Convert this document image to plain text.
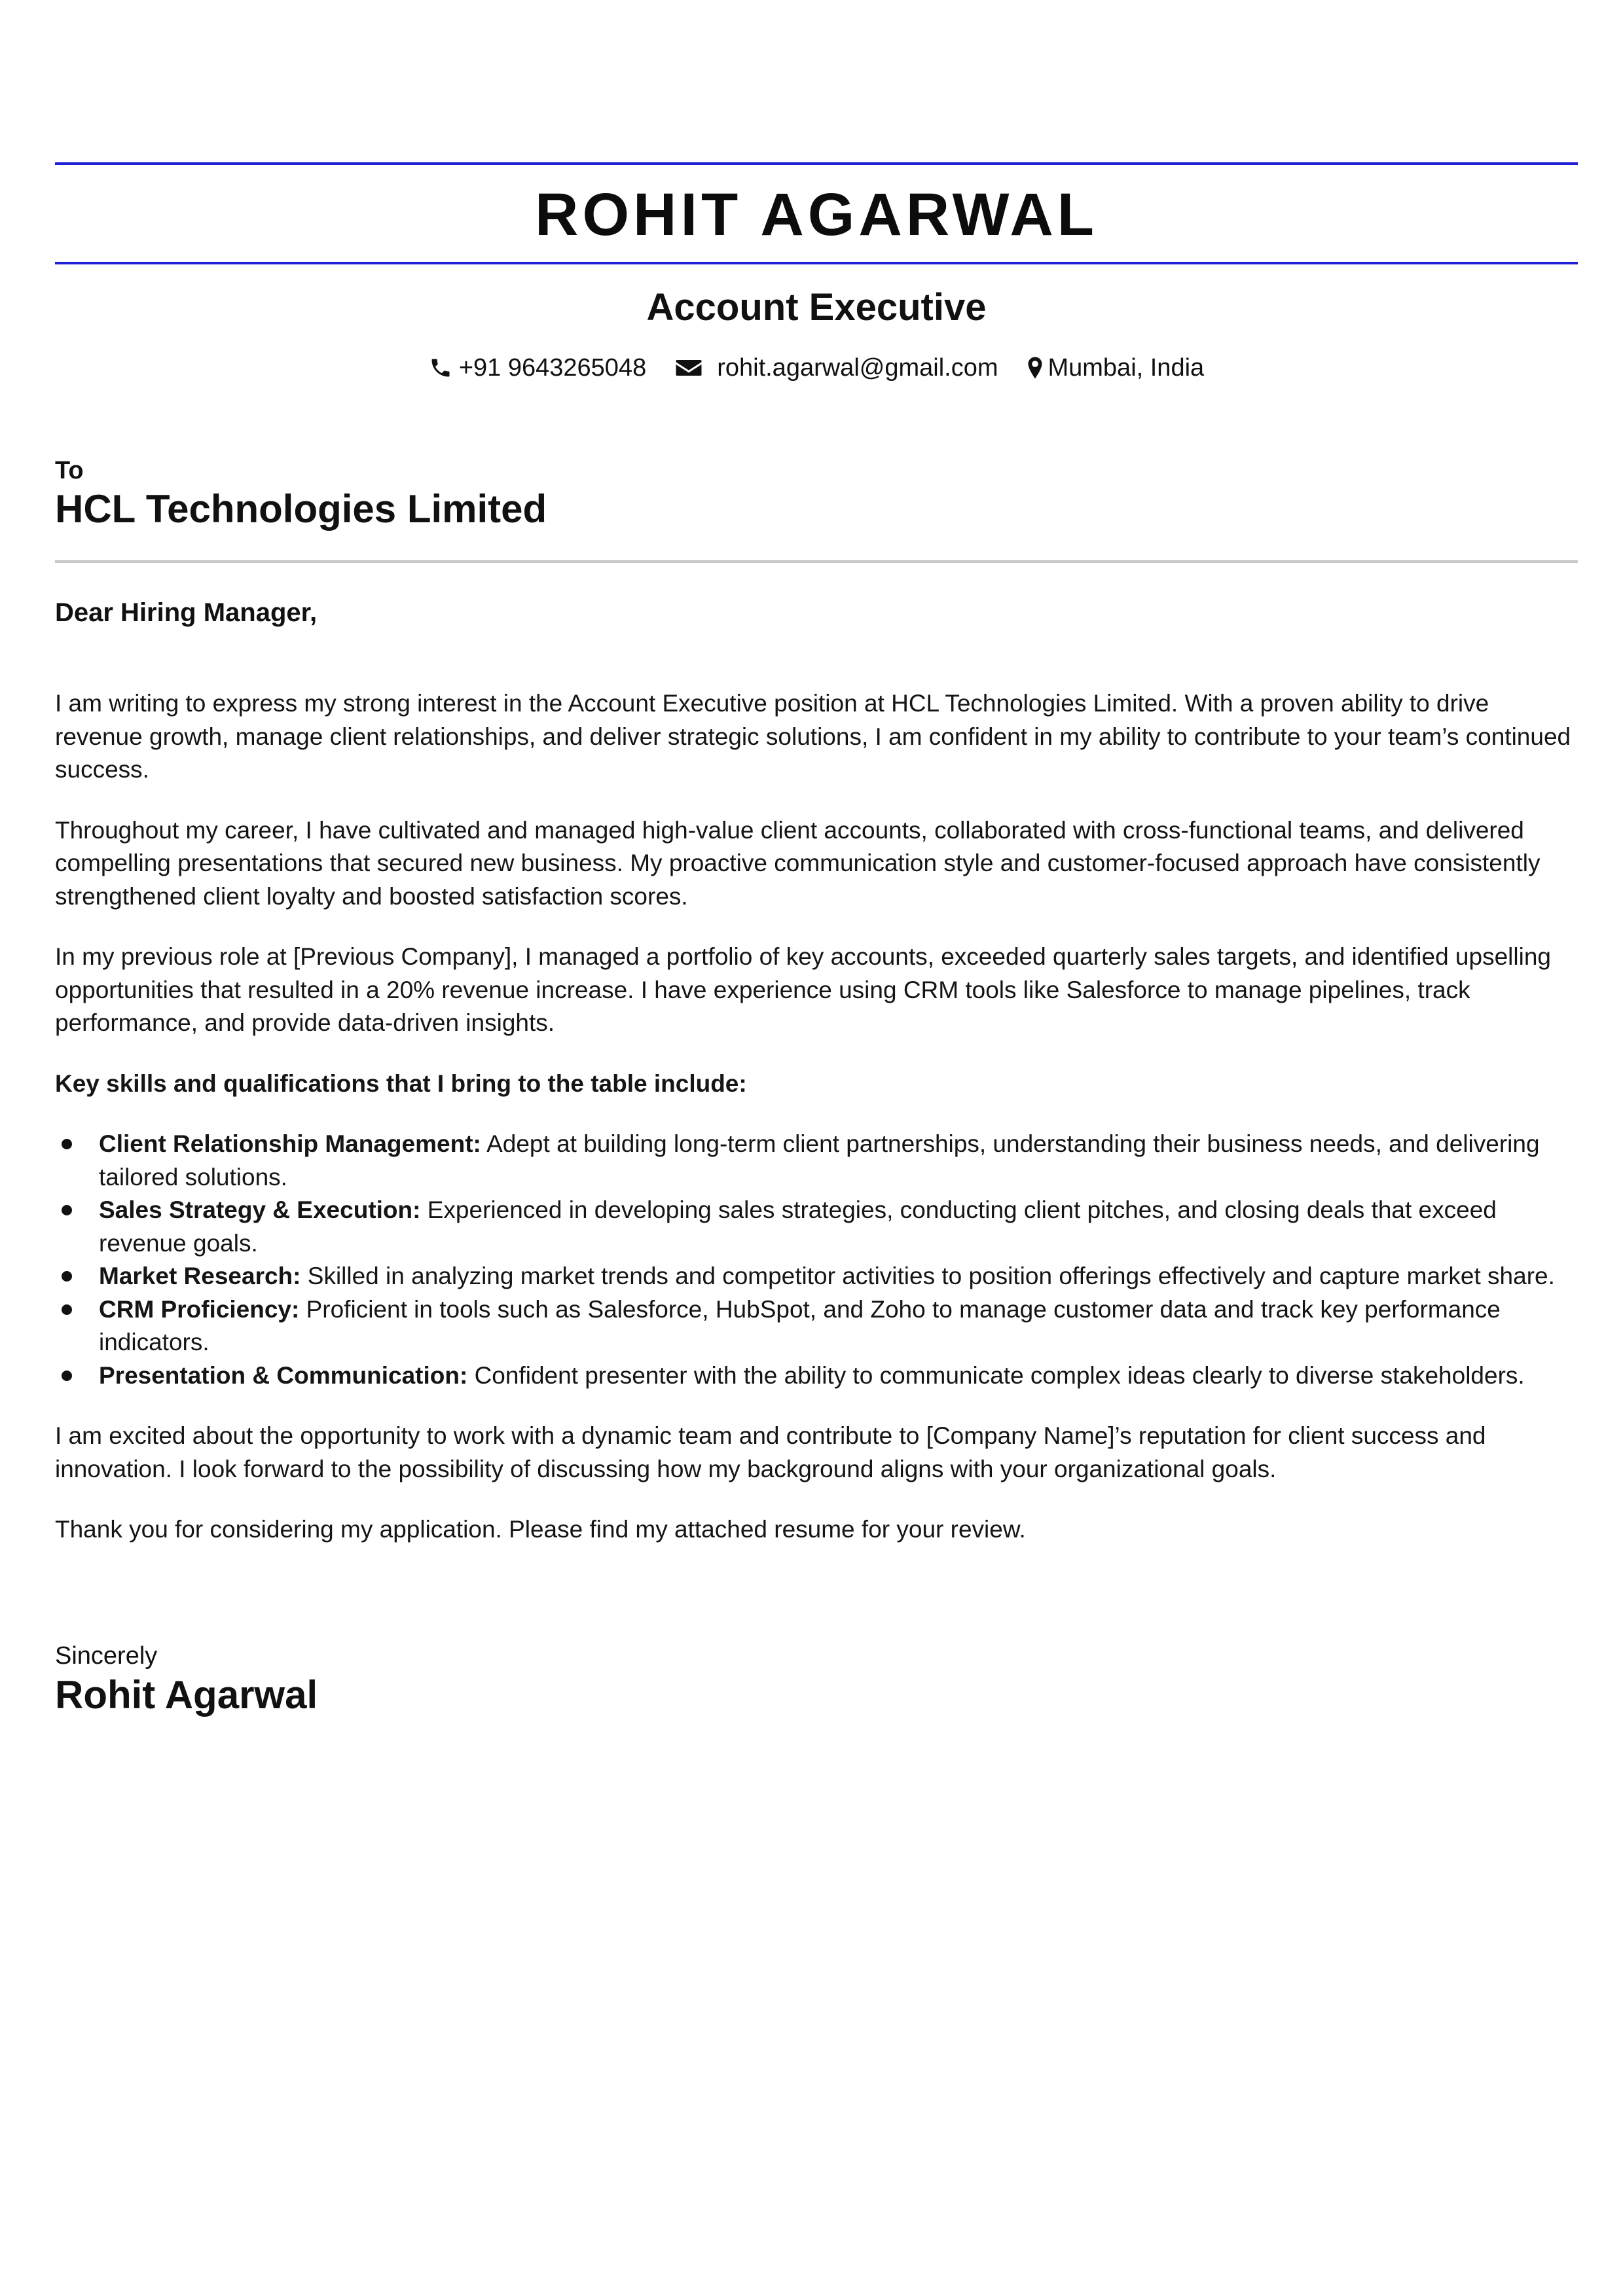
ROHIT AGARWAL
Account Executive
+91 9643265048	rohit.agarwal@gmail.com Mumbai, India
To
HCL Technologies Limited
Dear Hiring Manager,

I am writing to express my strong interest in the Account Executive position at HCL Technologies Limited. With a proven ability to drive revenue growth, manage client relationships, and deliver strategic solutions, I am confident in my ability to contribute to your team’s continued success.

Throughout my career, I have cultivated and managed high-value client accounts, collaborated with cross-functional teams, and delivered compelling presentations that secured new business. My proactive communication style and customer-focused approach have consistently strengthened client loyalty and boosted satisfaction scores.

In my previous role at [Previous Company], I managed a portfolio of key accounts, exceeded quarterly sales targets, and identified upselling opportunities that resulted in a 20% revenue increase. I have experience using CRM tools like Salesforce to manage pipelines, track performance, and provide data-driven insights.

Key skills and qualifications that I bring to the table include:

Client Relationship Management: Adept at building long-term client partnerships, understanding their business needs, and delivering tailored solutions.
Sales Strategy & Execution: Experienced in developing sales strategies, conducting client pitches, and closing deals that exceed revenue goals.
Market Research: Skilled in analyzing market trends and competitor activities to position offerings effectively and capture market share.
CRM Proficiency: Proficient in tools such as Salesforce, HubSpot, and Zoho to manage customer data and track key performance indicators.
Presentation & Communication: Confident presenter with the ability to communicate complex ideas clearly to diverse stakeholders.

I am excited about the opportunity to work with a dynamic team and contribute to [Company Name]’s reputation for client success and innovation. I look forward to the possibility of discussing how my background aligns with your organizational goals.

Thank you for considering my application. Please find my attached resume for your review.

Sincerely
Rohit Agarwal
